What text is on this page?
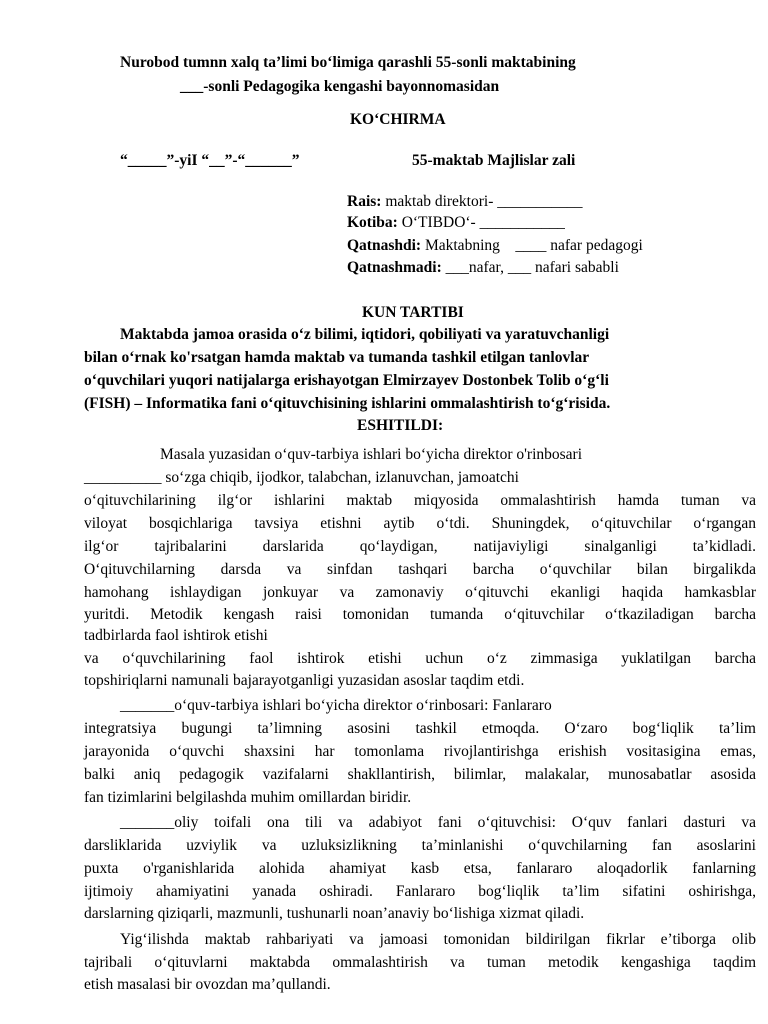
Nurobod tumnn xalq ta’limi bo‘limiga qarashli 55-sonli maktabining
___-sonli Pedagogika kengashi bayonnomasidan
KO‘CHIRMA
“_____”-yiI “__”-“______”	55-maktab Majlislar zali
Rais: maktab direktori- ___________
Kotiba: O‘TIBDO‘- ___________
Qatnashdi: Maktabning    ____ nafar pedagogi
Qatnashmadi: ___nafar, ___ nafari sababli
KUN TARTIBI
Maktabda jamoa orasida o‘z bilimi, iqtidori, qobiliyati va yaratuvchanligi
bilan o‘rnak ko'rsatgan hamda maktab va tumanda tashkil etilgan tanlovlar
o‘quvchilari yuqori natijalarga erishayotgan Elmirzayev Dostonbek Tolib o‘g‘li
(FISH) – Informatika fani o‘qituvchisining ishlarini ommalashtirish to‘g‘risida.
ESHITILDI:
Masala yuzasidan o‘quv-tarbiya ishlari bo‘yicha direktor o'rinbosari
__________ so‘zga chiqib, ijodkor, talabchan, izlanuvchan, jamoatchi
o‘qituvchilarining ilg‘or ishlarini maktab miqyosida ommalashtirish hamda tuman va
viloyat bosqichlariga tavsiya etishni aytib o‘tdi. Shuningdek, o‘qituvchilar o‘rgangan
ilg‘or tajribalarini darslarida qo‘laydigan, natijaviyligi sinalganligi ta’kidladi.
O‘qituvchilarning darsda va sinfdan tashqari barcha o‘quvchilar bilan birgalikda
hamohang ishlaydigan jonkuyar va zamonaviy o‘qituvchi ekanligi haqida hamkasblar
yuritdi. Metodik kengash raisi tomonidan tumanda o‘qituvchilar o‘tkaziladigan barcha
tadbirlarda faol ishtirok etishi
va o‘quvchilarining faol ishtirok etishi uchun o‘z zimmasiga yuklatilgan barcha
topshiriqlarni namunali bajarayotganligi yuzasidan asoslar taqdim etdi.
_______o‘quv-tarbiya ishlari bo‘yicha direktor o‘rinbosari: Fanlararo
integratsiya bugungi ta’limning asosini tashkil etmoqda. O‘zaro bog‘liqlik ta’lim
jarayonida o‘quvchi shaxsini har tomonlama rivojlantirishga erishish vositasigina emas,
balki aniq pedagogik vazifalarni shakllantirish, bilimlar, malakalar, munosabatlar asosida
fan tizimlarini belgilashda muhim omillardan biridir.
_______oliy toifali ona tili va adabiyot fani o‘qituvchisi: O‘quv fanlari dasturi va
darsliklarida uzviylik va uzluksizlikning ta’minlanishi o‘quvchilarning fan asoslarini
puxta o'rganishlarida alohida ahamiyat kasb etsa, fanlararo aloqadorlik fanlarning
ijtimoiy ahamiyatini yanada oshiradi. Fanlararo bog‘liqlik ta’lim sifatini oshirishga,
darslarning qiziqarli, mazmunli, tushunarli noan’anaviy bo‘lishiga xizmat qiladi.
Yig‘ilishda maktab rahbariyati va jamoasi tomonidan bildirilgan fikrlar e’tiborga olib
tajribali o‘qituvlarni maktabda ommalashtirish va tuman metodik kengashiga taqdim
etish masalasi bir ovozdan ma’qullandi.
